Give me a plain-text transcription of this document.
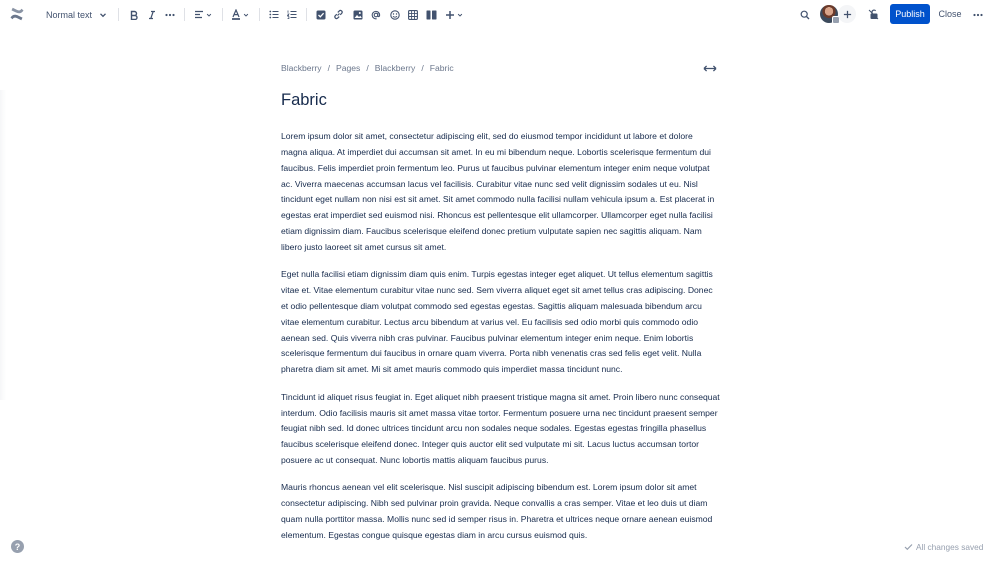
Normal text	Publish	Close
Blackberry / Pages / Blackberry / Fabric
Fabric

Lorem ipsum dolor sit amet, consectetur adipiscing elit, sed do eiusmod tempor incididunt ut labore et dolore magna aliqua. At imperdiet dui accumsan sit amet. In eu mi bibendum neque. Lobortis scelerisque fermentum dui faucibus. Felis imperdiet proin fermentum leo. Purus ut faucibus pulvinar elementum integer enim neque volutpat ac. Viverra maecenas accumsan lacus vel facilisis. Curabitur vitae nunc sed velit dignissim sodales ut eu. Nisl tincidunt eget nullam non nisi est sit amet. Sit amet commodo nulla facilisi nullam vehicula ipsum a. Est placerat in egestas erat imperdiet sed euismod nisi. Rhoncus est pellentesque elit ullamcorper. Ullamcorper eget nulla facilisi etiam dignissim diam. Faucibus scelerisque eleifend donec pretium vulputate sapien nec sagittis aliquam. Nam libero justo laoreet sit amet cursus sit amet.

Eget nulla facilisi etiam dignissim diam quis enim. Turpis egestas integer eget aliquet. Ut tellus elementum sagittis vitae et. Vitae elementum curabitur vitae nunc sed. Sem viverra aliquet eget sit amet tellus cras adipiscing. Donec et odio pellentesque diam volutpat commodo sed egestas egestas. Sagittis aliquam malesuada bibendum arcu vitae elementum curabitur. Lectus arcu bibendum at varius vel. Eu facilisis sed odio morbi quis commodo odio aenean sed. Quis viverra nibh cras pulvinar. Faucibus pulvinar elementum integer enim neque. Enim lobortis scelerisque fermentum dui faucibus in ornare quam viverra. Porta nibh venenatis cras sed felis eget velit. Nulla pharetra diam sit amet. Mi sit amet mauris commodo quis imperdiet massa tincidunt nunc.

Tincidunt id aliquet risus feugiat in. Eget aliquet nibh praesent tristique magna sit amet. Proin libero nunc consequat interdum. Odio facilisis mauris sit amet massa vitae tortor. Fermentum posuere urna nec tincidunt praesent semper feugiat nibh sed. Id donec ultrices tincidunt arcu non sodales neque sodales. Egestas egestas fringilla phasellus faucibus scelerisque eleifend donec. Integer quis auctor elit sed vulputate mi sit. Lacus luctus accumsan tortor posuere ac ut consequat. Nunc lobortis mattis aliquam faucibus purus.

Mauris rhoncus aenean vel elit scelerisque. Nisl suscipit adipiscing bibendum est. Lorem ipsum dolor sit amet consectetur adipiscing. Nibh sed pulvinar proin gravida. Neque convallis a cras semper. Vitae et leo duis ut diam quam nulla porttitor massa. Mollis nunc sed id semper risus in. Pharetra et ultrices neque ornare aenean euismod elementum. Egestas congue quisque egestas diam in arcu cursus euismod quis.

?	All changes saved
